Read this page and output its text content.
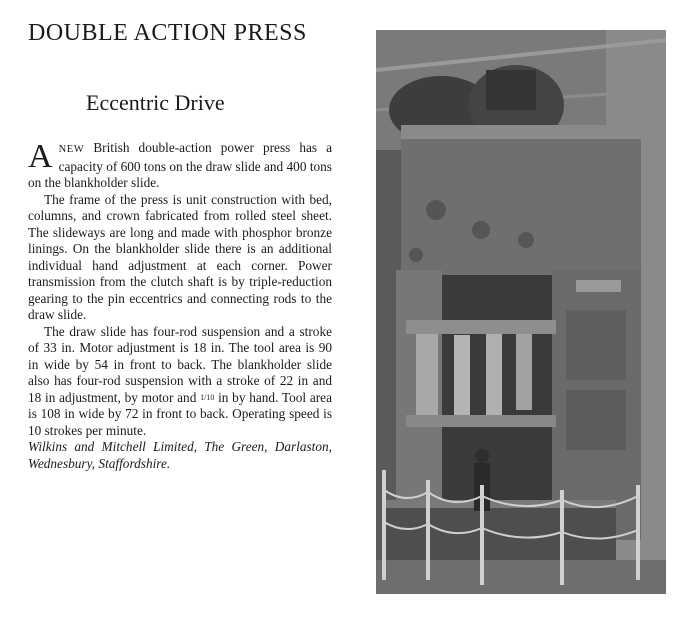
DOUBLE ACTION PRESS
Eccentric Drive

ANEW British double-action power press has a capacity of 600 tons on the draw slide and 400 tons on the blankholder slide.

The frame of the press is unit construction with bed, columns, and crown fabricated from rolled steel sheet. The slideways are long and made with phosphor bronze linings. On the blankholder slide there is an additional individual hand adjustment at each corner. Power transmission from the clutch shaft is by triple-reduction gearing to the pin eccentrics and connecting rods to the draw slide.

The draw slide has four-rod suspension and a stroke of 33 in. Motor adjustment is 18 in. The tool area is 90 in wide by 54 in front to back. The blankholder slide also has four-rod suspension with a stroke of 22 in and 18 in adjustment, by motor and 1/10 in by hand. Tool area is 108 in wide by 72 in front to back. Operating speed is 10 strokes per minute.

Wilkins and Mitchell Limited, The Green, Darlaston, Wednesbury, Staffordshire.
